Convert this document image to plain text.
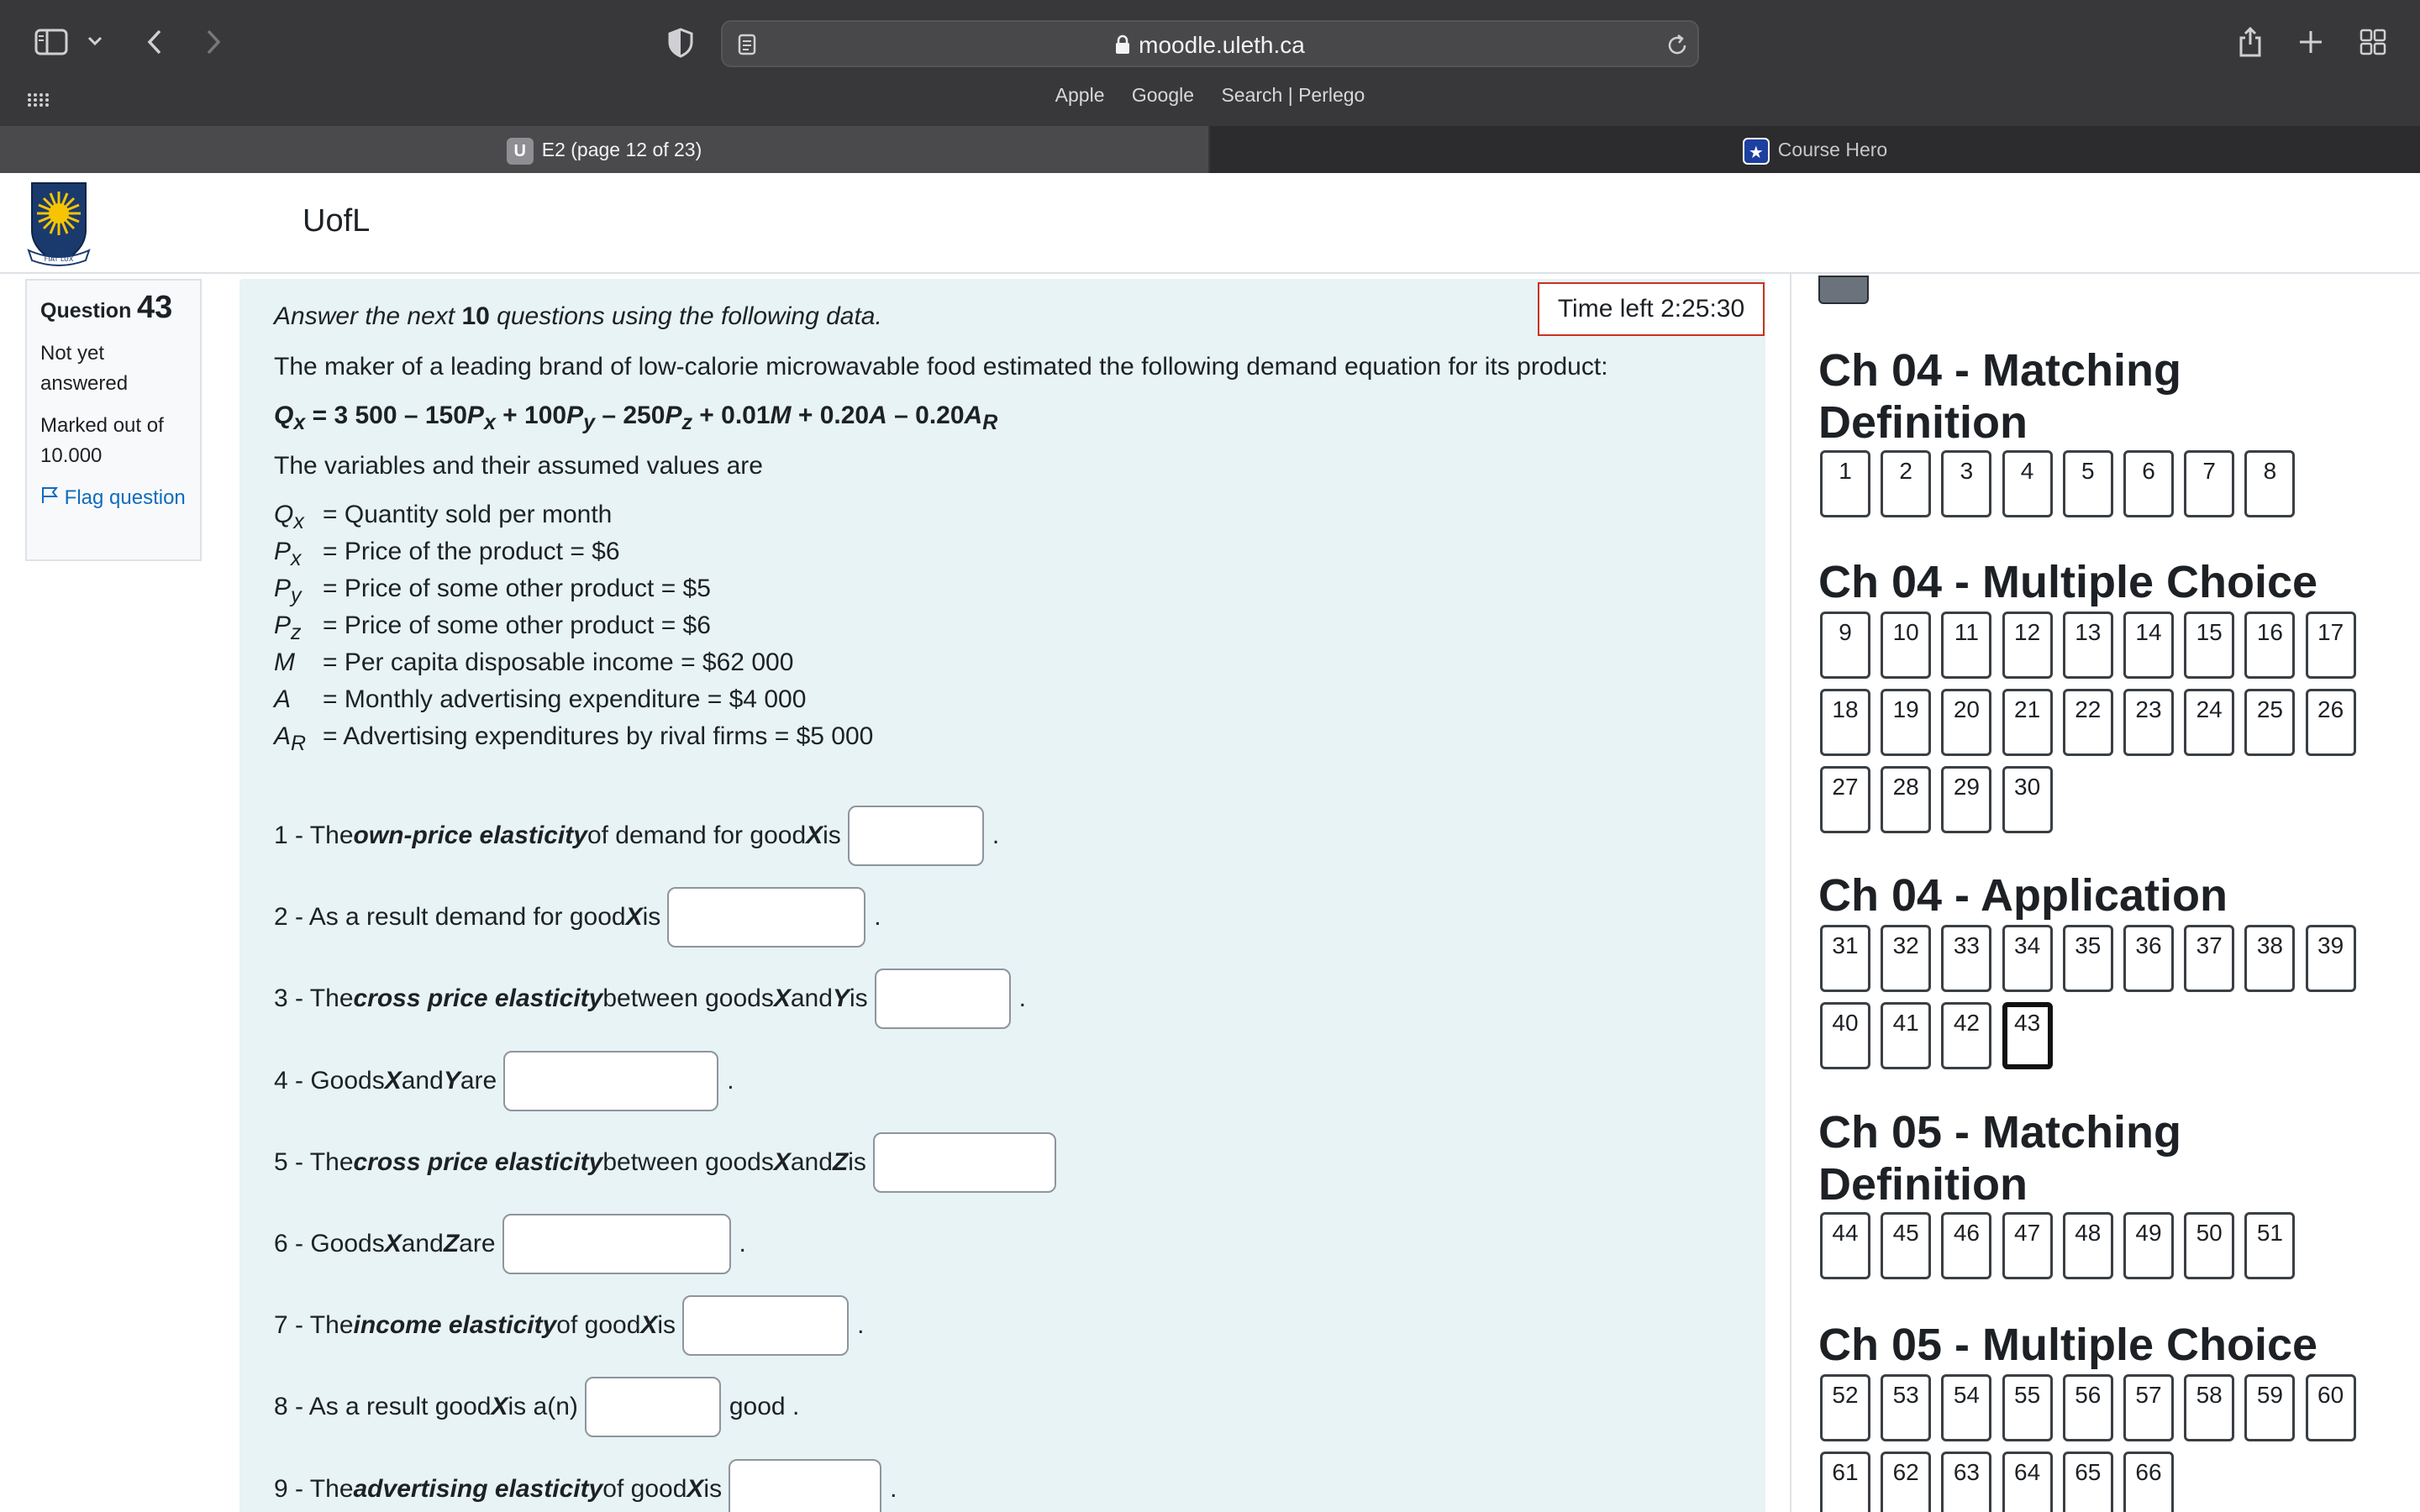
moodle.uleth.ca
Apple Google Search | Perlego
U E2 (page 12 of 23)	★ Course Hero
FIAT LUX
UofL
Question 43
Not yet answered
Marked out of 10.000
Flag question
Time left 2:25:30
Answer the next 10 questions using the following data.
The maker of a leading brand of low-calorie microwavable food estimated the following demand equation for its product:
$Q_x = 3$ $500 - 150P_x + 100P_y - 250P_z + 0.01M + 0.20A - 0.20A_R$
The variables and their assumed values are
$Q_x$ = Quantity sold per month
$P_x$ = Price of the product = $6
$P_y$ = Price of some other product = $5
$P_z$ = Price of some other product = $6
M = Per capita disposable income = $62 000
A = Monthly advertising expenditure = $4 000
$A_R$ = Advertising expenditures by rival firms = $5 000
1 - The own-price elasticity of demand for good X is	.
2 - As a result demand for good X is	.
3 - The cross price elasticity between goods X and Y is	.
4 - Goods X and Y are	.
5 - The cross price elasticity between goods X and Z is
6 - Goods X and Z are	.
7 - The income elasticity of good X is	.
8 - As a result good X is a(n)	good .
9 - The advertising elasticity of good X is	.
Ch 04 - Matching
Definition
1	2	3	4	5	6	7	8
Ch 04 - Multiple Choice
9	10	11	12	13	14	15	16	17
18	19	20	21	22	23	24	25	26
27	28	29	30
Ch 04 - Application
31	32	33	34	35	36	37	38	39
40	41	42	43
Ch 05 - Matching
Definition
44	45	46	47	48	49	50	51
Ch 05 - Multiple Choice
52	53	54	55	56	57	58	59	60
61	62	63	64	65	66
